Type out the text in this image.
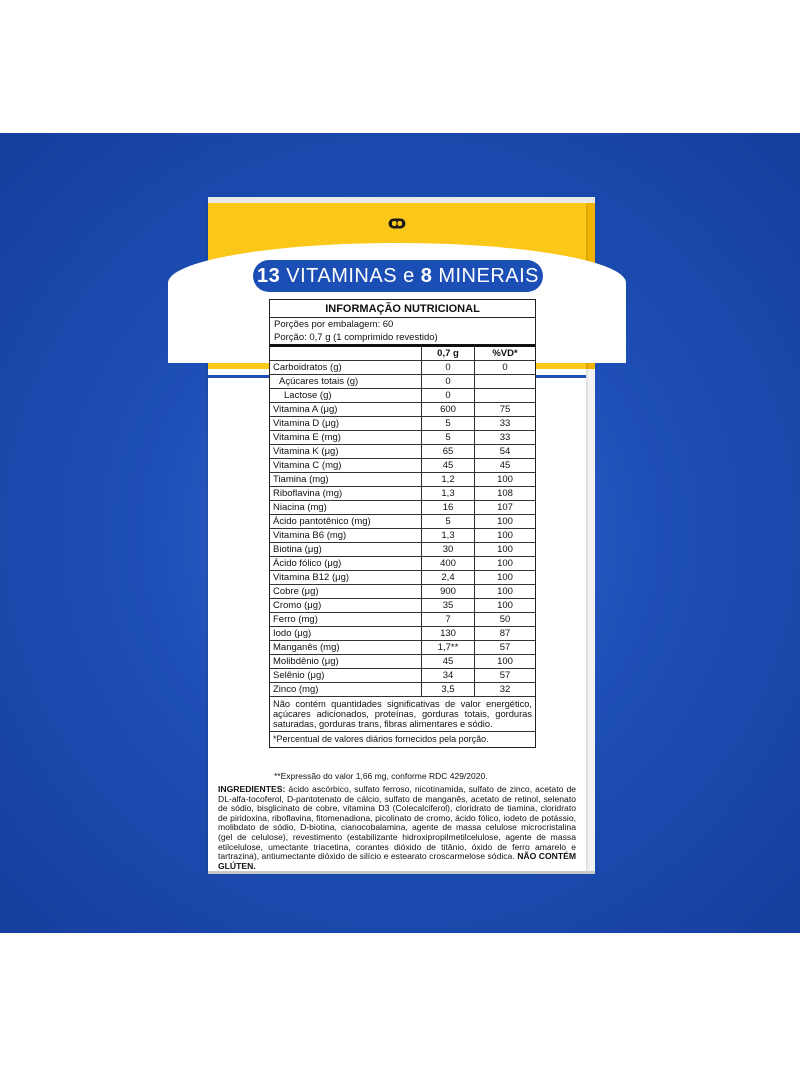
13 VITAMINAS e 8 MINERAIS
INFORMAÇÃO NUTRICIONAL
Porções por embalagem: 60
Porção: 0,7 g (1 comprimido revestido)
	0,7 g	%VD*
Carboidratos (g)	0	0
Açúcares totais (g)	0	
Lactose (g)	0	
Vitamina A (μg)	600	75
Vitamina D (μg)	5	33
Vitamina E (mg)	5	33
Vitamina K (μg)	65	54
Vitamina C (mg)	45	45
Tiamina (mg)	1,2	100
Riboflavina (mg)	1,3	108
Niacina (mg)	16	107
Ácido pantotênico (mg)	5	100
Vitamina B6 (mg)	1,3	100
Biotina (μg)	30	100
Ácido fólico (μg)	400	100
Vitamina B12 (μg)	2,4	100
Cobre (μg)	900	100
Cromo (μg)	35	100
Ferro (mg)	7	50
Iodo (μg)	130	87
Manganês (mg)	1,7**	57
Molibdênio (μg)	45	100
Selênio (μg)	34	57
Zinco (mg)	3,5	32
Não contém quantidades significativas de valor energético, açúcares adicionados, proteínas, gorduras totais, gorduras saturadas, gorduras trans, fibras alimentares e sódio.
*Percentual de valores diários fornecidos pela porção.
**Expressão do valor 1,66 mg, conforme RDC 429/2020.
INGREDIENTES: ácido ascórbico, sulfato ferroso, nicotinamida, sulfato de zinco, acetato de DL-alfa-tocoferol, D-pantotenato de cálcio, sulfato de manganês, acetato de retinol, selenato de sódio, bisglicinato de cobre, vitamina D3 (Colecalciferol), cloridrato de tiamina, cloridrato de piridoxina, riboflavina, fitomenadiona, picolinato de cromo, ácido fólico, iodeto de potássio, molibdato de sódio, D-biotina, cianocobalamina, agente de massa celulose microcristalina (gel de celulose), revestimento (estabilizante hidroxipropilmetilcelulose, agente de massa etilcelulose, umectante triacetina, corantes dióxido de titânio, óxido de ferro amarelo e tartrazina), antiumectante dióxido de silício e estearato croscarmelose sódica. NÃO CONTÉM GLÚTEN.
